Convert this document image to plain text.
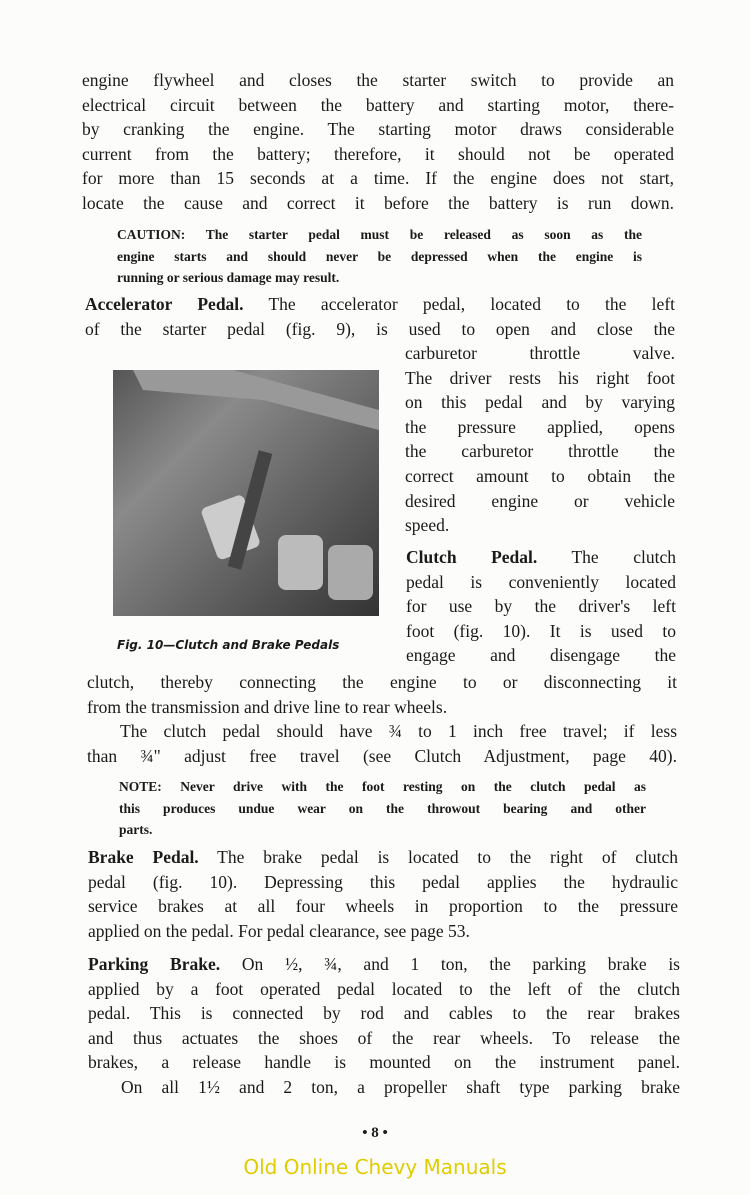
engine flywheel and closes the starter switch to provide an
electrical circuit between the battery and starting motor, there-
by cranking the engine. The starting motor draws considerable
current from the battery; therefore, it should not be operated
for more than 15 seconds at a time. If the engine does not start,
locate the cause and correct it before the battery is run down.
CAUTION: The starter pedal must be released as soon as the
engine starts and should never be depressed when the engine is
running or serious damage may result.
Accelerator Pedal. The accelerator pedal, located to the left
of the starter pedal (fig. 9), is used to open and close the
carburetor throttle valve.
The driver rests his right foot
on this pedal and by varying
the pressure applied, opens
the carburetor throttle the
correct amount to obtain the
desired engine or vehicle
speed.
Clutch Pedal. The clutch
pedal is conveniently located
for use by the driver's left
foot (fig. 10). It is used to
engage and disengage the
Fig. 10—Clutch and Brake Pedals
clutch, thereby connecting the engine to or disconnecting it
from the transmission and drive line to rear wheels.
The clutch pedal should have ¾ to 1 inch free travel; if less
than ¾" adjust free travel (see Clutch Adjustment, page 40).
NOTE: Never drive with the foot resting on the clutch pedal as
this produces undue wear on the throwout bearing and other
parts.
Brake Pedal. The brake pedal is located to the right of clutch
pedal (fig. 10). Depressing this pedal applies the hydraulic
service brakes at all four wheels in proportion to the pressure
applied on the pedal. For pedal clearance, see page 53.
Parking Brake. On ½, ¾, and 1 ton, the parking brake is
applied by a foot operated pedal located to the left of the clutch
pedal. This is connected by rod and cables to the rear brakes
and thus actuates the shoes of the rear wheels. To release the
brakes, a release handle is mounted on the instrument panel.
On all 1½ and 2 ton, a propeller shaft type parking brake
• 8 •
Old Online Chevy Manuals
